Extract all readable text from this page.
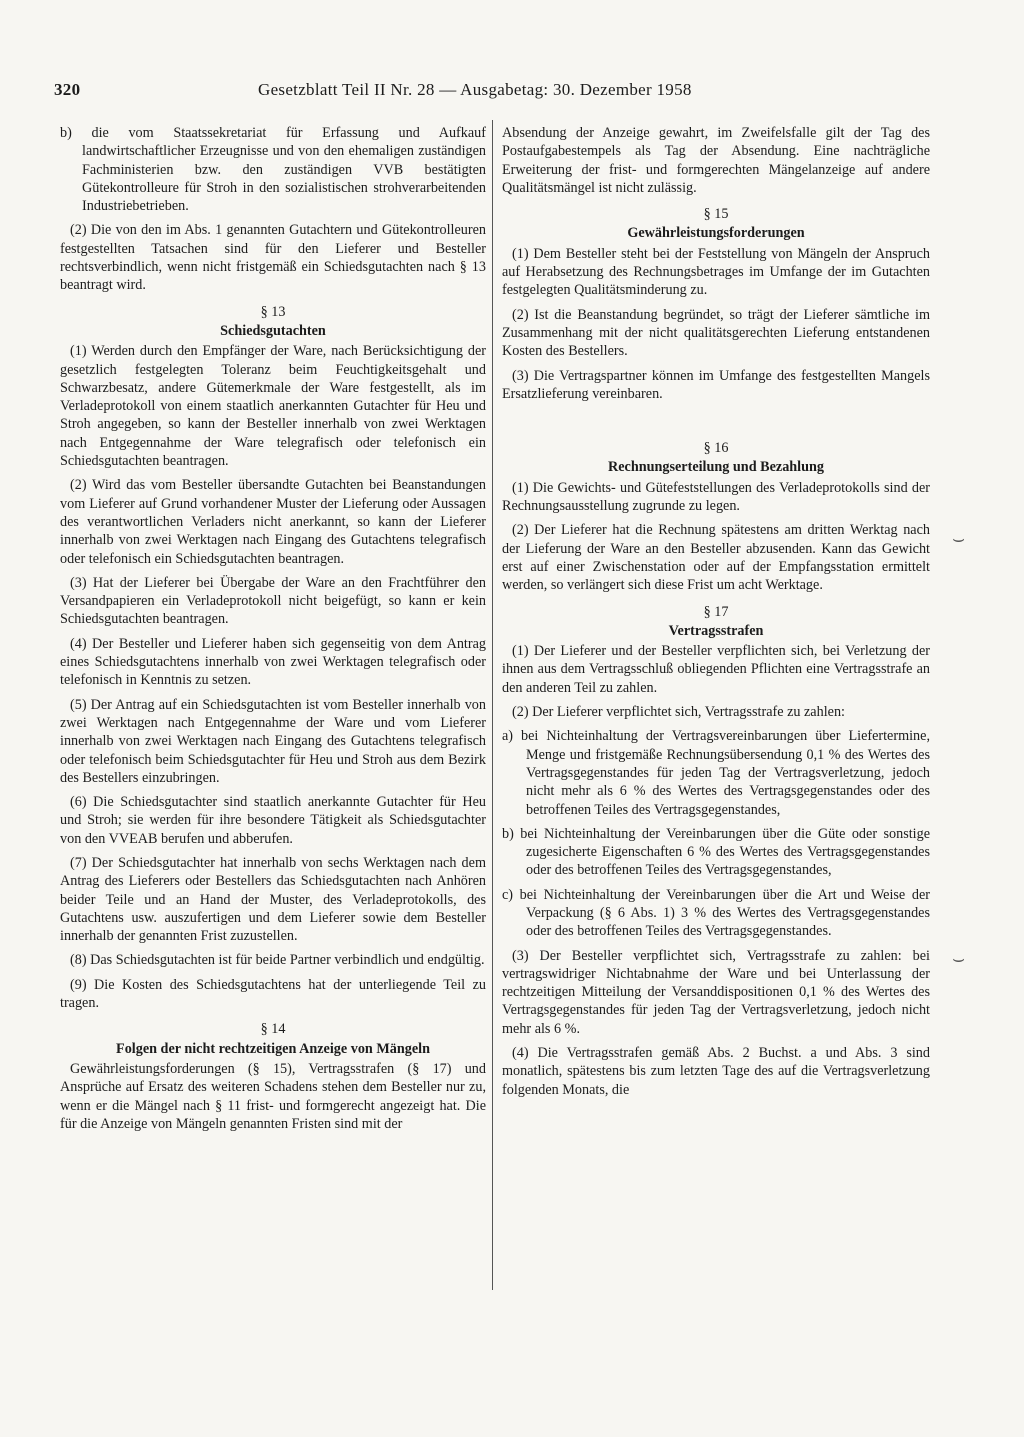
320	Gesetzblatt Teil II Nr. 28 — Ausgabetag: 30. Dezember 1958

b) die vom Staatssekretariat für Erfassung und Aufkauf landwirtschaftlicher Erzeugnisse und von den ehemaligen zuständigen Fachministerien bzw. den zuständigen VVB bestätigten Gütekontrolleure für Stroh in den sozialistischen strohverarbeitenden Industriebetrieben.

(2) Die von den im Abs. 1 genannten Gutachtern und Gütekontrolleuren festgestellten Tatsachen sind für den Lieferer und Besteller rechtsverbindlich, wenn nicht fristgemäß ein Schiedsgutachten nach § 13 beantragt wird.

§ 13
Schiedsgutachten

(1) Werden durch den Empfänger der Ware, nach Berücksichtigung der gesetzlich festgelegten Toleranz beim Feuchtigkeitsgehalt und Schwarzbesatz, andere Gütemerkmale der Ware festgestellt, als im Verladeprotokoll von einem staatlich anerkannten Gutachter für Heu und Stroh angegeben, so kann der Besteller innerhalb von zwei Werktagen nach Entgegennahme der Ware telegrafisch oder telefonisch ein Schiedsgutachten beantragen.

(2) Wird das vom Besteller übersandte Gutachten bei Beanstandungen vom Lieferer auf Grund vorhandener Muster der Lieferung oder Aussagen des verantwortlichen Verladers nicht anerkannt, so kann der Lieferer innerhalb von zwei Werktagen nach Eingang des Gutachtens telegrafisch oder telefonisch ein Schiedsgutachten beantragen.

(3) Hat der Lieferer bei Übergabe der Ware an den Frachtführer den Versandpapieren ein Verladeprotokoll nicht beigefügt, so kann er kein Schiedsgutachten beantragen.

(4) Der Besteller und Lieferer haben sich gegenseitig von dem Antrag eines Schiedsgutachtens innerhalb von zwei Werktagen telegrafisch oder telefonisch in Kenntnis zu setzen.

(5) Der Antrag auf ein Schiedsgutachten ist vom Besteller innerhalb von zwei Werktagen nach Entgegennahme der Ware und vom Lieferer innerhalb von zwei Werktagen nach Eingang des Gutachtens telegrafisch oder telefonisch beim Schiedsgutachter für Heu und Stroh aus dem Bezirk des Bestellers einzubringen.

(6) Die Schiedsgutachter sind staatlich anerkannte Gutachter für Heu und Stroh; sie werden für ihre besondere Tätigkeit als Schiedsgutachter von den VVEAB berufen und abberufen.

(7) Der Schiedsgutachter hat innerhalb von sechs Werktagen nach dem Antrag des Lieferers oder Bestellers das Schiedsgutachten nach Anhören beider Teile und an Hand der Muster, des Verladeprotokolls, des Gutachtens usw. auszufertigen und dem Lieferer sowie dem Besteller innerhalb der genannten Frist zuzustellen.

(8) Das Schiedsgutachten ist für beide Partner verbindlich und endgültig.

(9) Die Kosten des Schiedsgutachtens hat der unterliegende Teil zu tragen.

§ 14
Folgen der nicht rechtzeitigen Anzeige von Mängeln

Gewährleistungsforderungen (§ 15), Vertragsstrafen (§ 17) und Ansprüche auf Ersatz des weiteren Schadens stehen dem Besteller nur zu, wenn er die Mängel nach § 11 frist- und formgerecht angezeigt hat. Die für die Anzeige von Mängeln genannten Fristen sind mit der

Absendung der Anzeige gewahrt, im Zweifelsfalle gilt der Tag des Postaufgabestempels als Tag der Absendung. Eine nachträgliche Erweiterung der frist- und formgerechten Mängelanzeige auf andere Qualitätsmängel ist nicht zulässig.

§ 15
Gewährleistungsforderungen

(1) Dem Besteller steht bei der Feststellung von Mängeln der Anspruch auf Herabsetzung des Rechnungsbetrages im Umfange der im Gutachten festgelegten Qualitätsminderung zu.

(2) Ist die Beanstandung begründet, so trägt der Lieferer sämtliche im Zusammenhang mit der nicht qualitätsgerechten Lieferung entstandenen Kosten des Bestellers.

(3) Die Vertragspartner können im Umfange des festgestellten Mangels Ersatzlieferung vereinbaren.

§ 16
Rechnungserteilung und Bezahlung

(1) Die Gewichts- und Gütefeststellungen des Verladeprotokolls sind der Rechnungsausstellung zugrunde zu legen.

(2) Der Lieferer hat die Rechnung spätestens am dritten Werktag nach der Lieferung der Ware an den Besteller abzusenden. Kann das Gewicht erst auf einer Zwischenstation oder auf der Empfangsstation ermittelt werden, so verlängert sich diese Frist um acht Werktage.

§ 17
Vertragsstrafen

(1) Der Lieferer und der Besteller verpflichten sich, bei Verletzung der ihnen aus dem Vertragsschluß obliegenden Pflichten eine Vertragsstrafe an den anderen Teil zu zahlen.

(2) Der Lieferer verpflichtet sich, Vertragsstrafe zu zahlen:

a) bei Nichteinhaltung der Vertragsvereinbarungen über Liefertermine, Menge und fristgemäße Rechnungsübersendung 0,1 % des Wertes des Vertragsgegenstandes für jeden Tag der Vertragsverletzung, jedoch nicht mehr als 6 % des Wertes des Vertragsgegenstandes oder des betroffenen Teiles des Vertragsgegenstandes,

b) bei Nichteinhaltung der Vereinbarungen über die Güte oder sonstige zugesicherte Eigenschaften 6 % des Wertes des Vertragsgegenstandes oder des betroffenen Teiles des Vertragsgegenstandes,

c) bei Nichteinhaltung der Vereinbarungen über die Art und Weise der Verpackung (§ 6 Abs. 1) 3 % des Wertes des Vertragsgegenstandes oder des betroffenen Teiles des Vertragsgegenstandes.

(3) Der Besteller verpflichtet sich, Vertragsstrafe zu zahlen: bei vertragswidriger Nichtabnahme der Ware und bei Unterlassung der rechtzeitigen Mitteilung der Versanddispositionen 0,1 % des Wertes des Vertragsgegenstandes für jeden Tag der Vertragsverletzung, jedoch nicht mehr als 6 %.

(4) Die Vertragsstrafen gemäß Abs. 2 Buchst. a und Abs. 3 sind monatlich, spätestens bis zum letzten Tage des auf die Vertragsverletzung folgenden Monats, die

⌣
⌣
